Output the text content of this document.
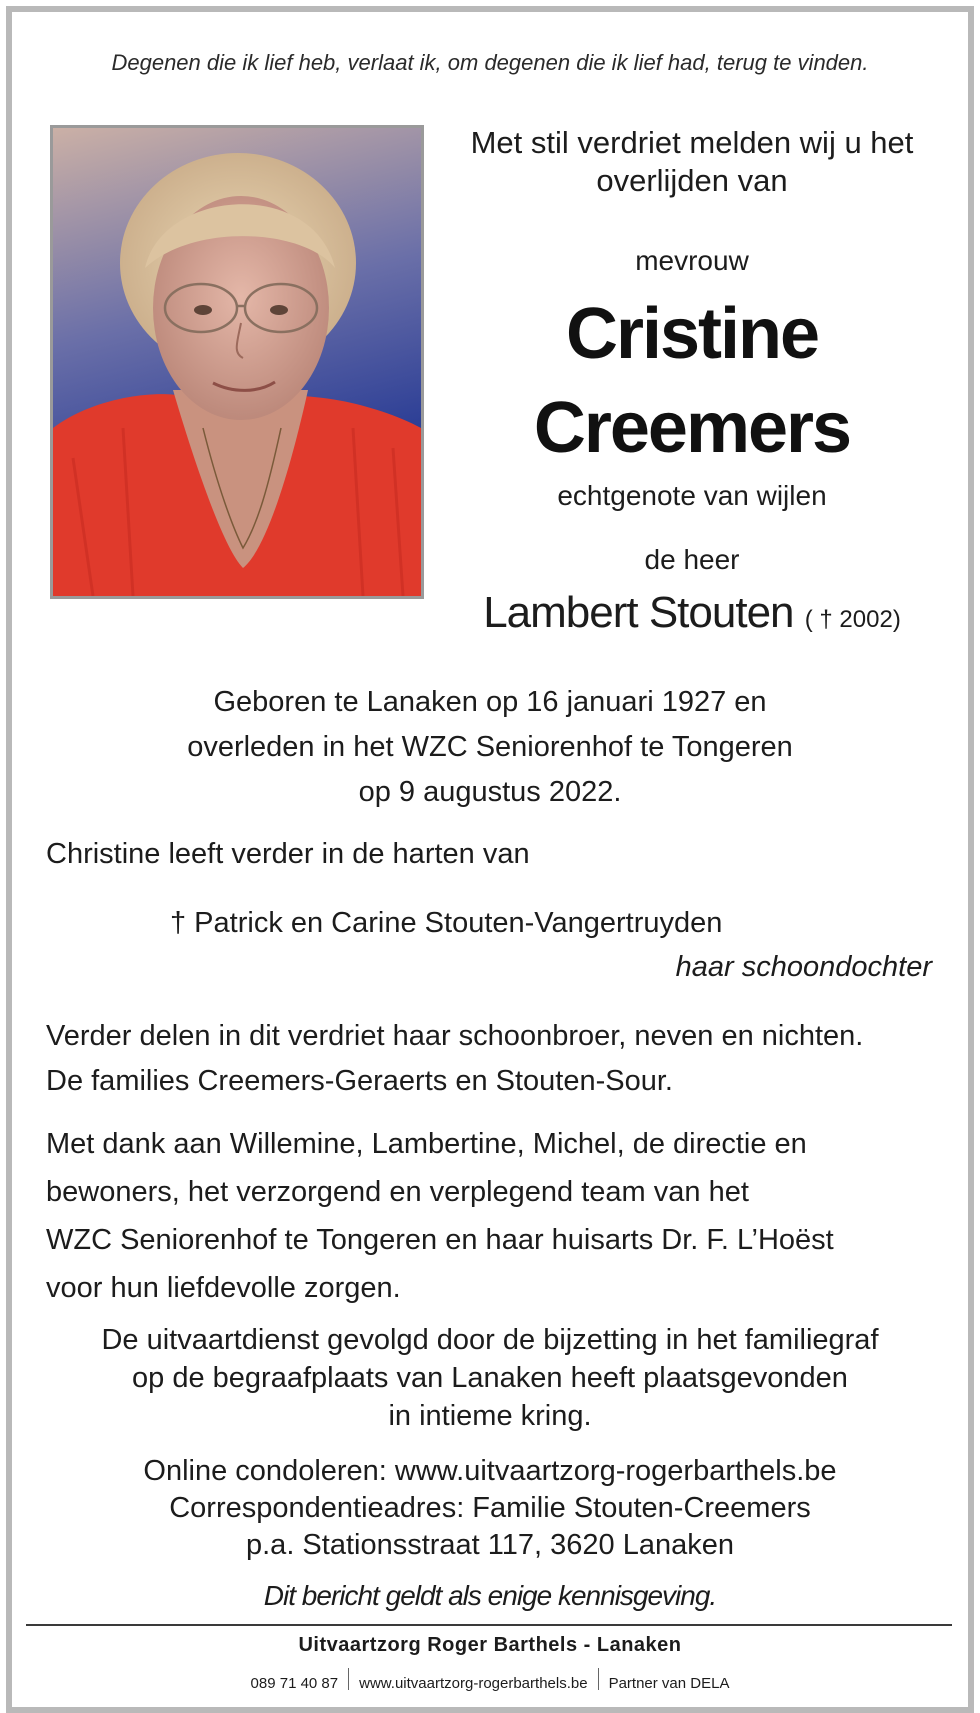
Degenen die ik lief heb, verlaat ik, om degenen die ik lief had, terug te vinden.
Met stil verdriet melden wij u het
overlijden van
mevrouw
Cristine
Creemers
echtgenote van wijlen
de heer
Lambert Stouten ( † 2002)
Geboren te Lanaken op 16 januari 1927 en
overleden in het WZC Seniorenhof te Tongeren
op 9 augustus 2022.
Christine leeft verder in de harten van
† Patrick en Carine Stouten-Vangertruyden
haar schoondochter
Verder delen in dit verdriet haar schoonbroer, neven en nichten.
De families Creemers-Geraerts en Stouten-Sour.
Met dank aan Willemine, Lambertine, Michel, de directie en
bewoners, het verzorgend en verplegend team van het
WZC Seniorenhof te Tongeren en haar huisarts Dr. F. L’Hoëst
voor hun liefdevolle zorgen.
De uitvaartdienst gevolgd door de bijzetting in het familiegraf
op de begraafplaats van Lanaken heeft plaatsgevonden
in intieme kring.
Online condoleren: www.uitvaartzorg-rogerbarthels.be
Correspondentieadres: Familie Stouten-Creemers
p.a. Stationsstraat 117, 3620 Lanaken
Dit bericht geldt als enige kennisgeving.
Uitvaartzorg Roger Barthels - Lanaken
089 71 40 87 www.uitvaartzorg-rogerbarthels.be Partner van DELA
